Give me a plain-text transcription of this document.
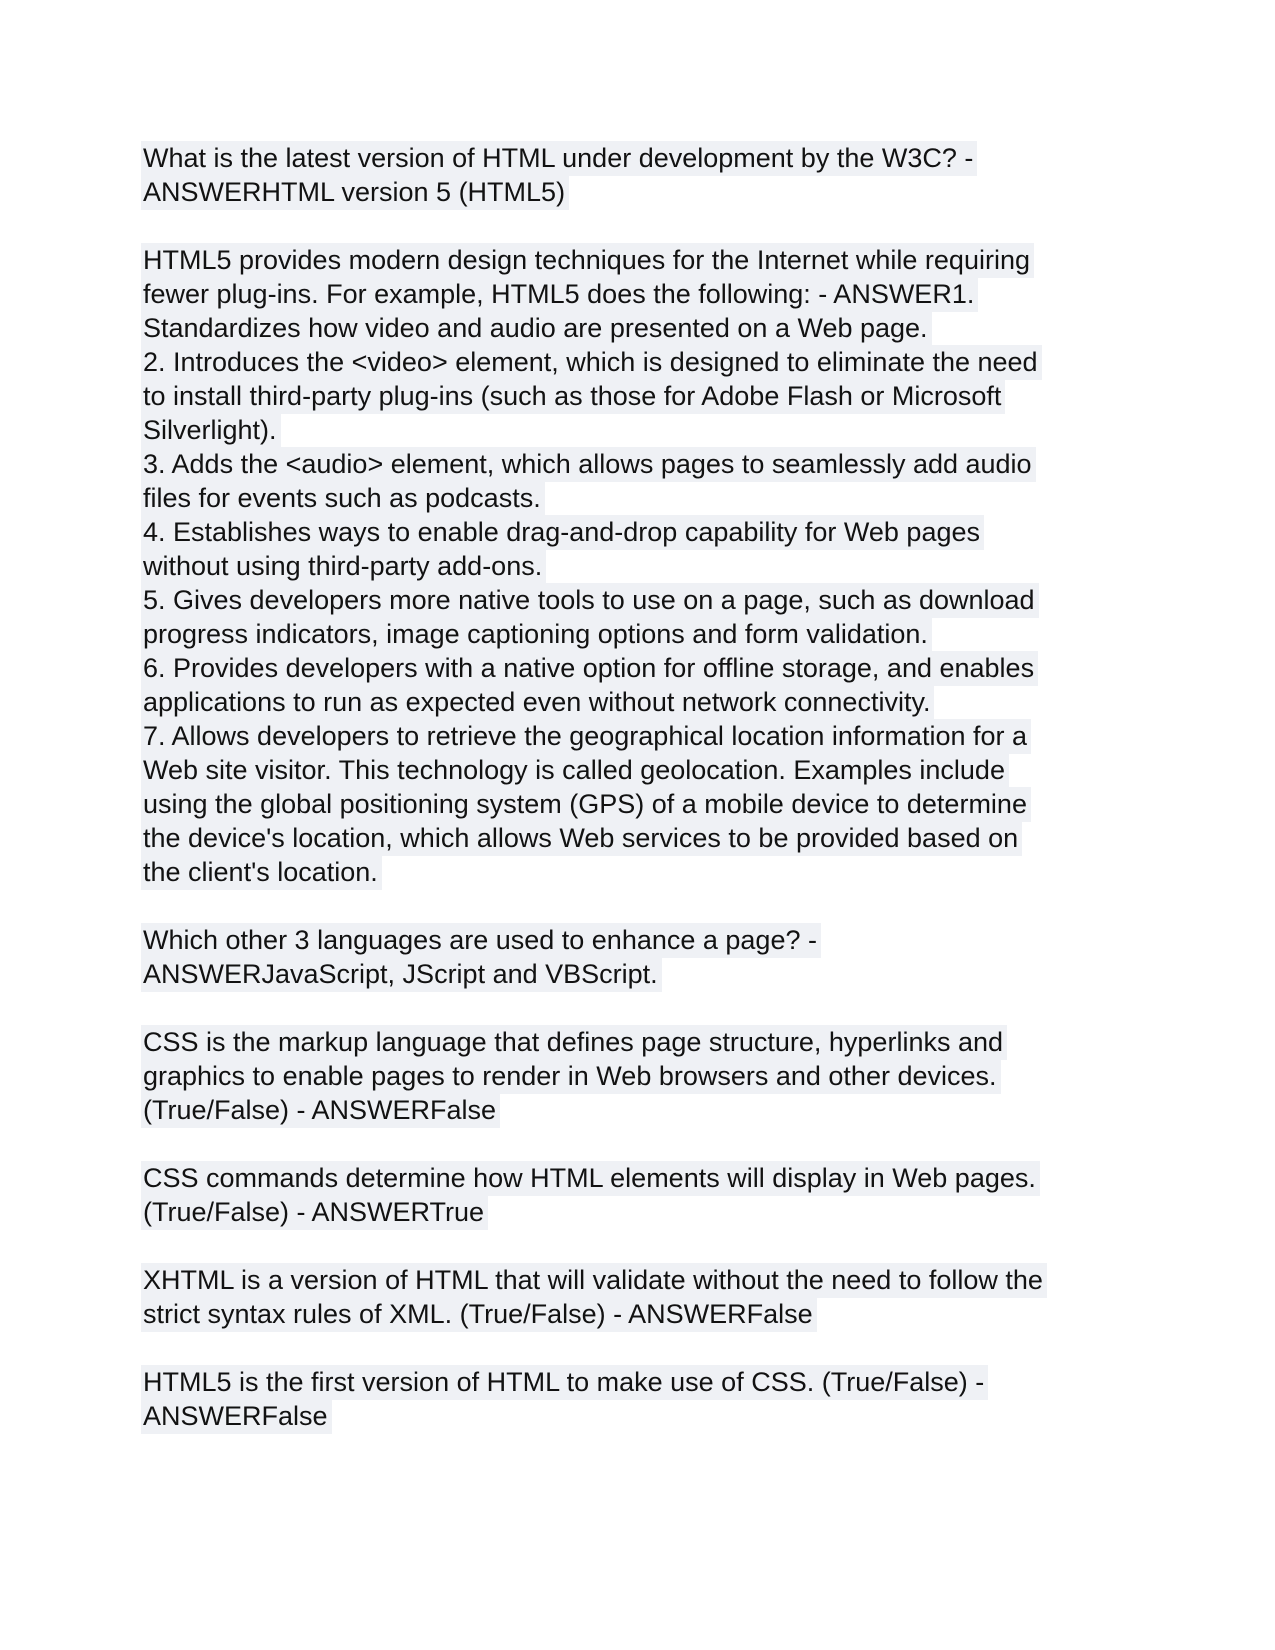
What is the latest version of HTML under development by the W3C? -
ANSWERHTML version 5 (HTML5)

HTML5 provides modern design techniques for the Internet while requiring
fewer plug-ins. For example, HTML5 does the following: - ANSWER1.
Standardizes how video and audio are presented on a Web page.
2. Introduces the <video> element, which is designed to eliminate the need
to install third-party plug-ins (such as those for Adobe Flash or Microsoft
Silverlight).
3. Adds the <audio> element, which allows pages to seamlessly add audio
files for events such as podcasts.
4. Establishes ways to enable drag-and-drop capability for Web pages
without using third-party add-ons.
5. Gives developers more native tools to use on a page, such as download
progress indicators, image captioning options and form validation.
6. Provides developers with a native option for offline storage, and enables
applications to run as expected even without network connectivity.
7. Allows developers to retrieve the geographical location information for a
Web site visitor. This technology is called geolocation. Examples include
using the global positioning system (GPS) of a mobile device to determine
the device's location, which allows Web services to be provided based on
the client's location.

Which other 3 languages are used to enhance a page? -
ANSWERJavaScript, JScript and VBScript.

CSS is the markup language that defines page structure, hyperlinks and
graphics to enable pages to render in Web browsers and other devices.
(True/False) - ANSWERFalse

CSS commands determine how HTML elements will display in Web pages.
(True/False) - ANSWERTrue

XHTML is a version of HTML that will validate without the need to follow the
strict syntax rules of XML. (True/False) - ANSWERFalse

HTML5 is the first version of HTML to make use of CSS. (True/False) -
ANSWERFalse
